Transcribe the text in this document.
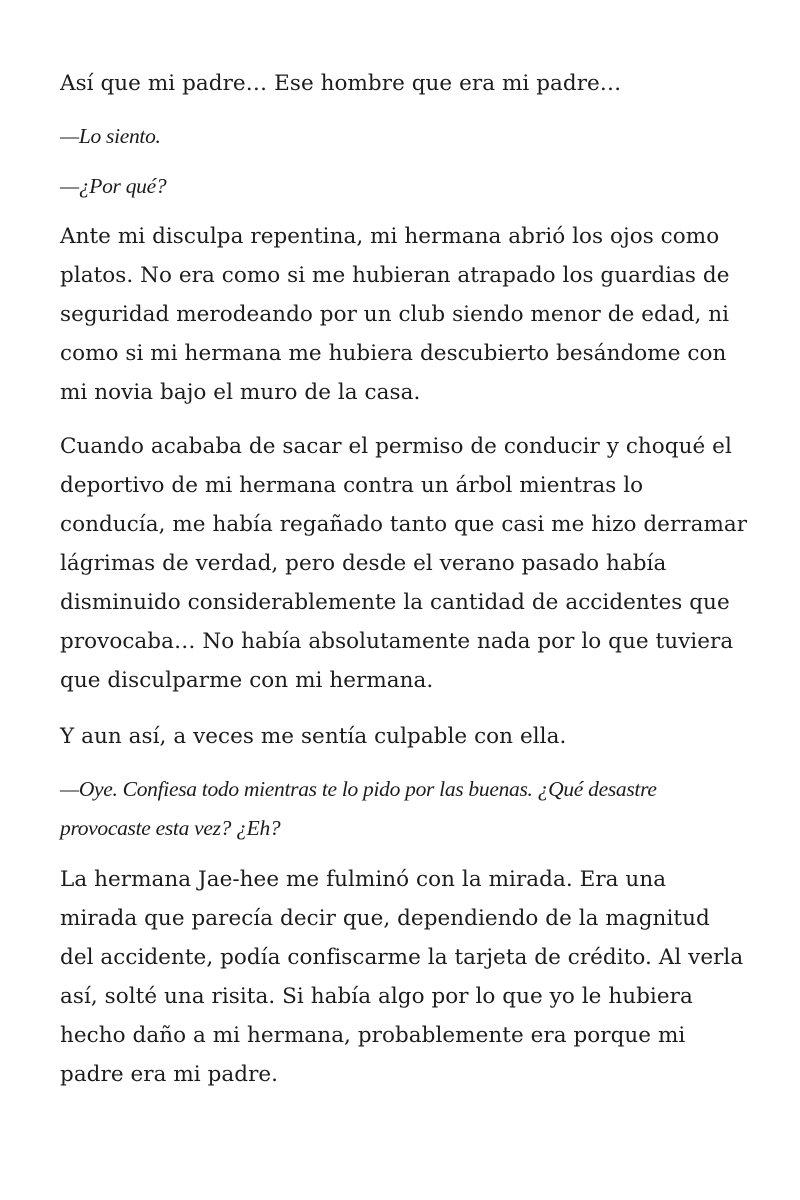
Así que mi padre… Ese hombre que era mi padre…

—Lo siento.

—¿Por qué?

Ante mi disculpa repentina, mi hermana abrió los ojos como platos. No era como si me hubieran atrapado los guardias de seguridad merodeando por un club siendo menor de edad, ni como si mi hermana me hubiera descubierto besándome con mi novia bajo el muro de la casa.

Cuando acababa de sacar el permiso de conducir y choqué el deportivo de mi hermana contra un árbol mientras lo conducía, me había regañado tanto que casi me hizo derramar lágrimas de verdad, pero desde el verano pasado había disminuido considerablemente la cantidad de accidentes que provocaba… No había absolutamente nada por lo que tuviera que disculparme con mi hermana.

Y aun así, a veces me sentía culpable con ella.

—Oye. Confiesa todo mientras te lo pido por las buenas. ¿Qué desastre provocaste esta vez? ¿Eh?

La hermana Jae-hee me fulminó con la mirada. Era una mirada que parecía decir que, dependiendo de la magnitud del accidente, podía confiscarme la tarjeta de crédito. Al verla así, solté una risita. Si había algo por lo que yo le hubiera hecho daño a mi hermana, probablemente era porque mi padre era mi padre.
